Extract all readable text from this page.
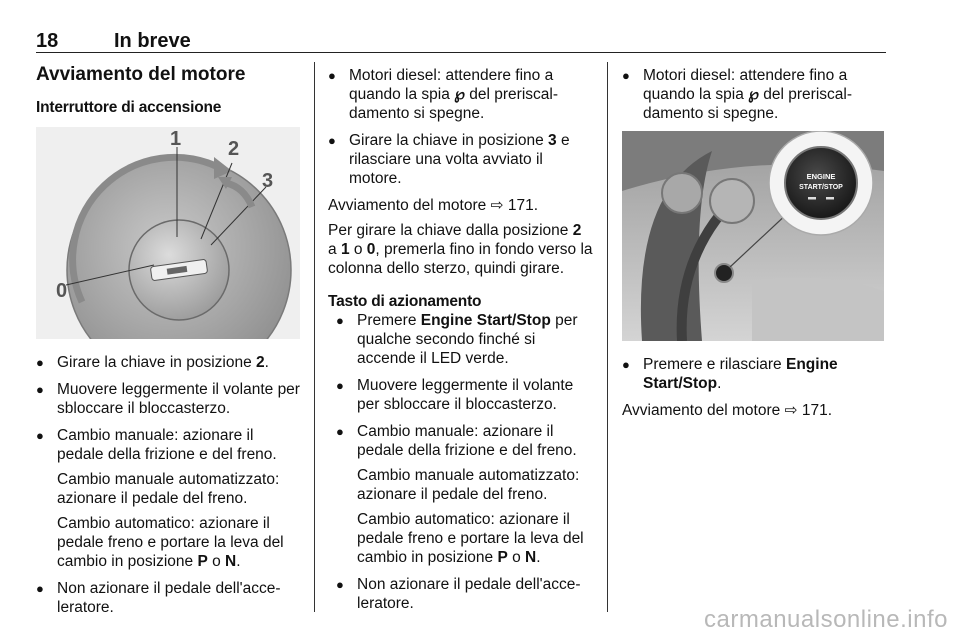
18	In breve
Avviamento del motore
Interruttore di accensione
0
1 2
3
● Girare la chiave in posizione 2.
● Muovere leggermente il volante per sbloccare il bloccasterzo.
● Cambio manuale: azionare il pedale della frizione e del freno.
Cambio manuale automatizzato: azionare il pedale del freno.
Cambio automatico: azionare il pedale freno e portare la leva del cambio in posizione P o N.
● Non azionare il pedale dell'acce-leratore.
● Motori diesel: attendere fino a quando la spia ℘ del preriscal-damento si spegne.
● Girare la chiave in posizione 3 e rilasciare una volta avviato il motore.
Avviamento del motore ⇨ 171.
Per girare la chiave dalla posizione 2 a 1 o 0, premerla fino in fondo verso la colonna dello sterzo, quindi girare.
Tasto di azionamento
● Premere Engine Start/Stop per qualche secondo finché si accende il LED verde.
● Muovere leggermente il volante per sbloccare il bloccasterzo.
● Cambio manuale: azionare il pedale della frizione e del freno.
Cambio manuale automatizzato: azionare il pedale del freno.
Cambio automatico: azionare il pedale freno e portare la leva del cambio in posizione P o N.
● Non azionare il pedale dell'acce-leratore.
● Motori diesel: attendere fino a quando la spia ℘ del preriscal-damento si spegne.
ENGINE
START/STOP
● Premere e rilasciare Engine Start/Stop.
Avviamento del motore ⇨ 171.
carmanualsonline.info
